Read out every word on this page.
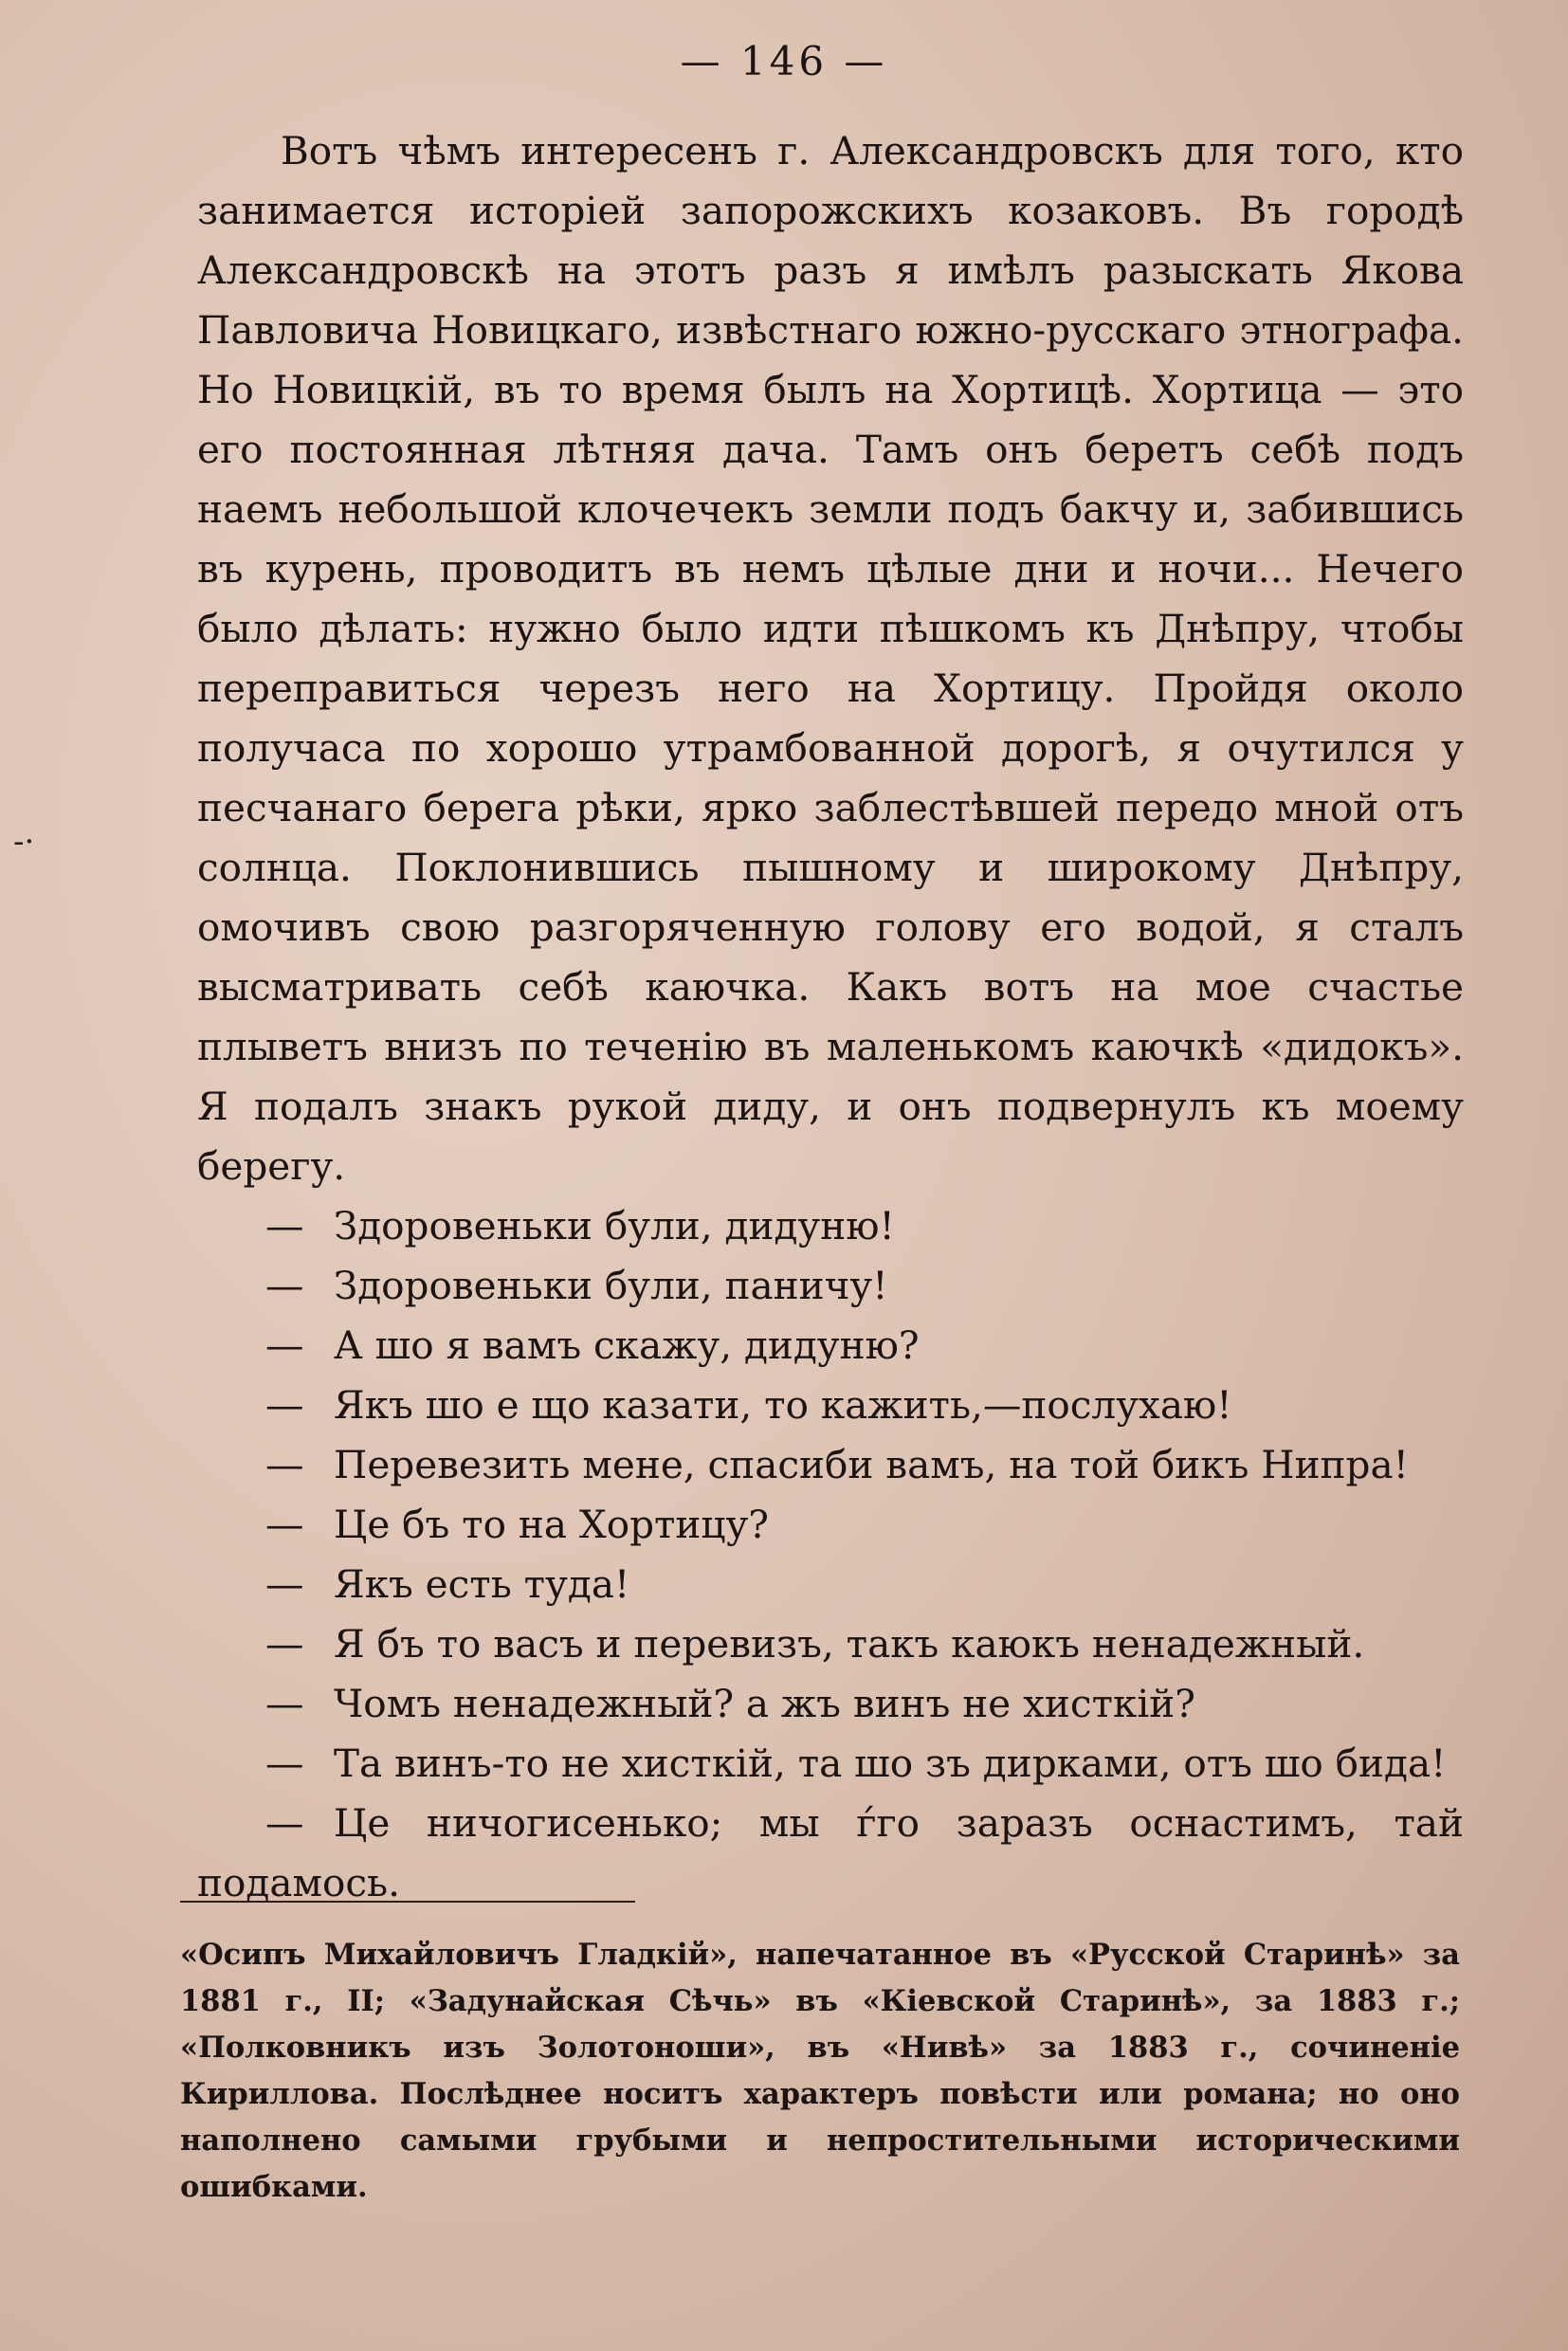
— 146 —
-·

Вотъ чѣмъ интересенъ г. Александровскъ для того, кто занимается исторіей запорожскихъ козаковъ. Въ городѣ Александровскѣ на этотъ разъ я имѣлъ разыскать Якова Павловича Новицкаго, извѣстнаго южно-русскаго этнографа. Но Новицкій, въ то время былъ на Хортицѣ. Хортица — это его постоянная лѣтняя дача. Тамъ онъ беретъ себѣ подъ наемъ небольшой клочечекъ земли подъ бакчу и, забившись въ курень, проводитъ въ немъ цѣлые дни и ночи... Нечего было дѣлать: нужно было идти пѣшкомъ къ Днѣпру, чтобы переправиться черезъ него на Хортицу. Пройдя около получаса по хорошо утрамбованной дорогѣ, я очутился у песчанаго берега рѣки, ярко заблестѣвшей передо мной отъ солнца. Поклонившись пышному и широкому Днѣпру, омочивъ свою разгоряченную голову его водой, я сталъ высматривать себѣ каючка. Какъ вотъ на мое счастье плыветъ внизъ по теченію въ маленькомъ каючкѣ «дидокъ». Я подалъ знакъ рукой диду, и онъ подвернулъ къ моему берегу.

— Здоровеньки були, дидуню!
— Здоровеньки були, паничу!
— А шо я вамъ скажу, дидуню?
— Якъ шо е що казати, то кажить,—послухаю!
— Перевезить мене, спасиби вамъ, на той бикъ Нипра!
— Це бъ то на Хортицу?
— Якъ есть туда!
— Я бъ то васъ и перевизъ, такъ каюкъ ненадежный.
— Чомъ ненадежный? а жъ винъ не хисткій?
— Та винъ-то не хисткій, та шо зъ дирками, отъ шо бида!
— Це ничогисенько; мы ѓго заразъ оснастимъ, тай подамось.

«Осипъ Михайловичъ Гладкій», напечатанное въ «Русской Старинѣ» за 1881 г., II; «Задунайская Сѣчь» въ «Кіевской Старинѣ», за 1883 г.; «Полковникъ изъ Золотоноши», въ «Нивѣ» за 1883 г., сочиненіе Кириллова. Послѣднее носитъ характеръ повѣсти или романа; но оно наполнено самыми грубыми и непростительными историческими ошибками.
